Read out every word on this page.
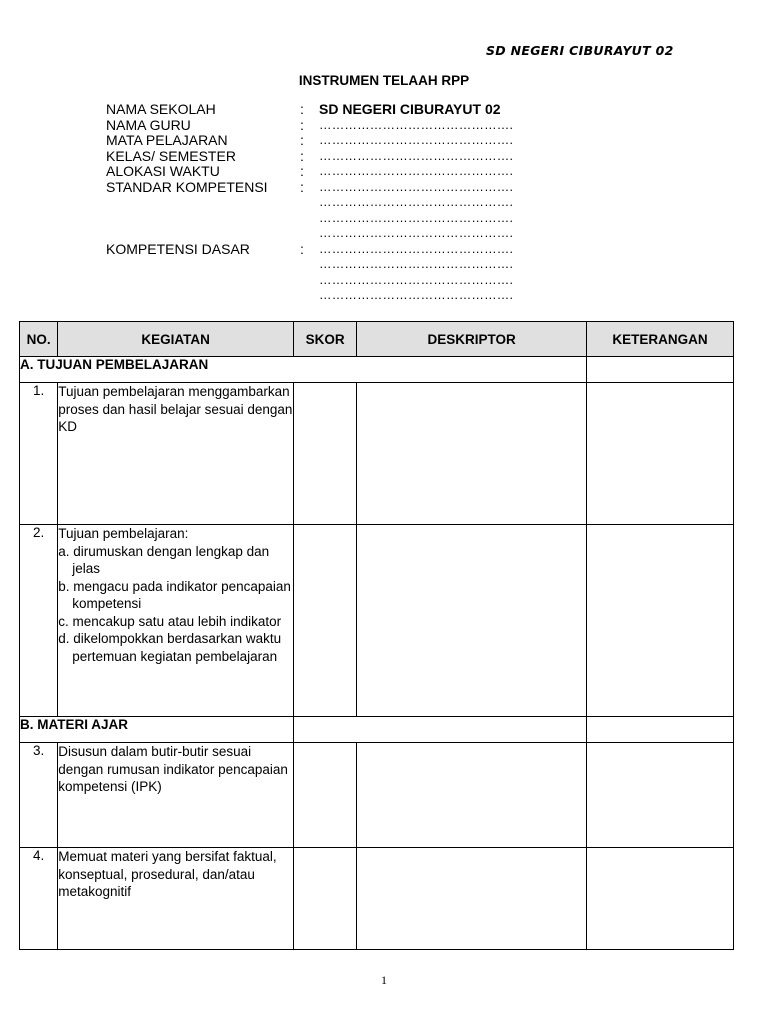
SD NEGERI CIBURAYUT 02
INSTRUMEN TELAAH RPP
NAMA SEKOLAH	: SD NEGERI CIBURAYUT 02
NAMA GURU	: ……………………………………….
MATA PELAJARAN	: ……………………………………….
KELAS/ SEMESTER	: ……………………………………….
ALOKASI WAKTU	: ……………………………………….
STANDAR KOMPETENSI : ……………………………………….
……………………………………….
……………………………………….
……………………………………….
KOMPETENSI DASAR	: ……………………………………….
……………………………………….
……………………………………….
……………………………………….
NO.	KEGIATAN	SKOR	DESKRIPTOR	KETERANGAN
A. TUJUAN PEMBELAJARAN				
1.	Tujuan pembelajaran menggambarkan proses dan hasil belajar sesuai dengan KD			
2.	Tujuan pembelajaran:
a. dirumuskan dengan lengkap dan jelas
b. mengacu pada indikator pencapaian kompetensi
c. mencakup satu atau lebih indikator
d. dikelompokkan berdasarkan waktu pertemuan kegiatan pembelajaran			

B. MATERI AJAR				
3.	Disusun dalam butir-butir sesuai dengan rumusan indikator pencapaian kompetensi (IPK)			
4.	Memuat materi yang bersifat faktual, konseptual, prosedural, dan/atau metakognitif			
1
